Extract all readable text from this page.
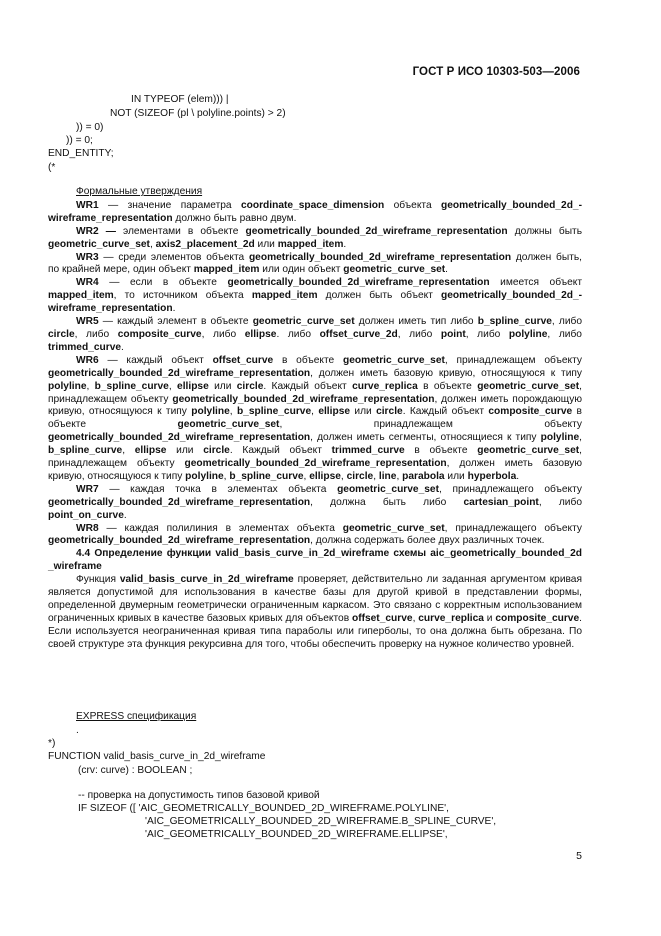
ГОСТ Р ИСО 10303-503—2006

IN TYPEOF (elem))) |

NOT (SIZEOF (pl \ polyline.points) > 2)

)) = 0)

)) = 0;

END_ENTITY;

(*

Формальные утверждения

WR1 — значение параметра coordinate_space_dimension объекта geometrically_bounded_2d_-wireframe_representation должно быть равно двум.

WR2 — элементами в объекте geometrically_bounded_2d_wireframe_representation должны быть geometric_curve_set, axis2_placement_2d или mapped_item.

WR3 — среди элементов объекта geometrically_bounded_2d_wireframe_representation должен быть, по крайней мере, один объект mapped_item или один объект geometric_curve_set.

WR4 — если в объекте geometrically_bounded_2d_wireframe_representation имеется объект mapped_item, то источником объекта mapped_item должен быть объект geometrically_bounded_2d_-wireframe_representation.

WR5 — каждый элемент в объекте geometric_curve_set должен иметь тип либо b_spline_curve, либо circle, либо composite_curve, либо ellipse. либо offset_curve_2d, либо point, либо polyline, либо trimmed_curve.

WR6 — каждый объект offset_curve в объекте geometric_curve_set, принадлежащем объекту geometrically_bounded_2d_wireframe_representation, должен иметь базовую кривую, относящуюся к типу polyline, b_spline_curve, ellipse или circle. Каждый объект curve_replica в объекте geometric_curve_set, принадлежащем объекту geometrically_bounded_2d_wireframe_representation, должен иметь порождающую кривую, относящуюся к типу polyline, b_spline_curve, ellipse или circle. Каждый объект composite_curve в объекте geometric_curve_set, принадлежащем объекту geometrically_bounded_2d_wireframe_representation, должен иметь сегменты, относящиеся к типу polyline, b_spline_curve, ellipse или circle. Каждый объект trimmed_curve в объекте geometric_curve_set, принадлежащем объекту geometrically_bounded_2d_wireframe_representation, должен иметь базовую кривую, относящуюся к типу polyline, b_spline_curve, ellipse, circle, line, parabola или hyperbola.

WR7 — каждая точка в элементах объекта geometric_curve_set, принадлежащего объекту geometrically_bounded_2d_wireframe_representation, должна быть либо cartesian_point, либо point_on_curve.

WR8 — каждая полилиния в элементах объекта geometric_curve_set, принадлежащего объекту geometrically_bounded_2d_wireframe_representation, должна содержать более двух различных точек.

4.4 Определение функции valid_basis_curve_in_2d_wireframe схемы aic_geometrically_bounded_2d _wireframe

Функция valid_basis_curve_in_2d_wireframe проверяет, действительно ли заданная аргументом кривая является допустимой для использования в качестве базы для другой кривой в представлении формы, определенной двумерным геометрически ограниченным каркасом. Это связано с корректным использованием ограниченных кривых в качестве базовых кривых для объектов offset_curve, curve_replica и composite_curve. Если используется неограниченная кривая типа параболы или гиперболы, то она должна быть обрезана. По своей структуре эта функция рекурсивна для того, чтобы обеспечить проверку на нужное количество уровней.

EXPRESS спецификация

.

*)

FUNCTION valid_basis_curve_in_2d_wireframe

(crv: curve) : BOOLEAN ;

-- проверка на допустимость типов базовой кривой

IF SIZEOF ([ 'AIC_GEOMETRICALLY_BOUNDED_2D_WIREFRAME.POLYLINE',

'AIC_GEOMETRICALLY_BOUNDED_2D_WIREFRAME.B_SPLINE_CURVE',

'AIC_GEOMETRICALLY_BOUNDED_2D_WIREFRAME.ELLIPSE',

5
